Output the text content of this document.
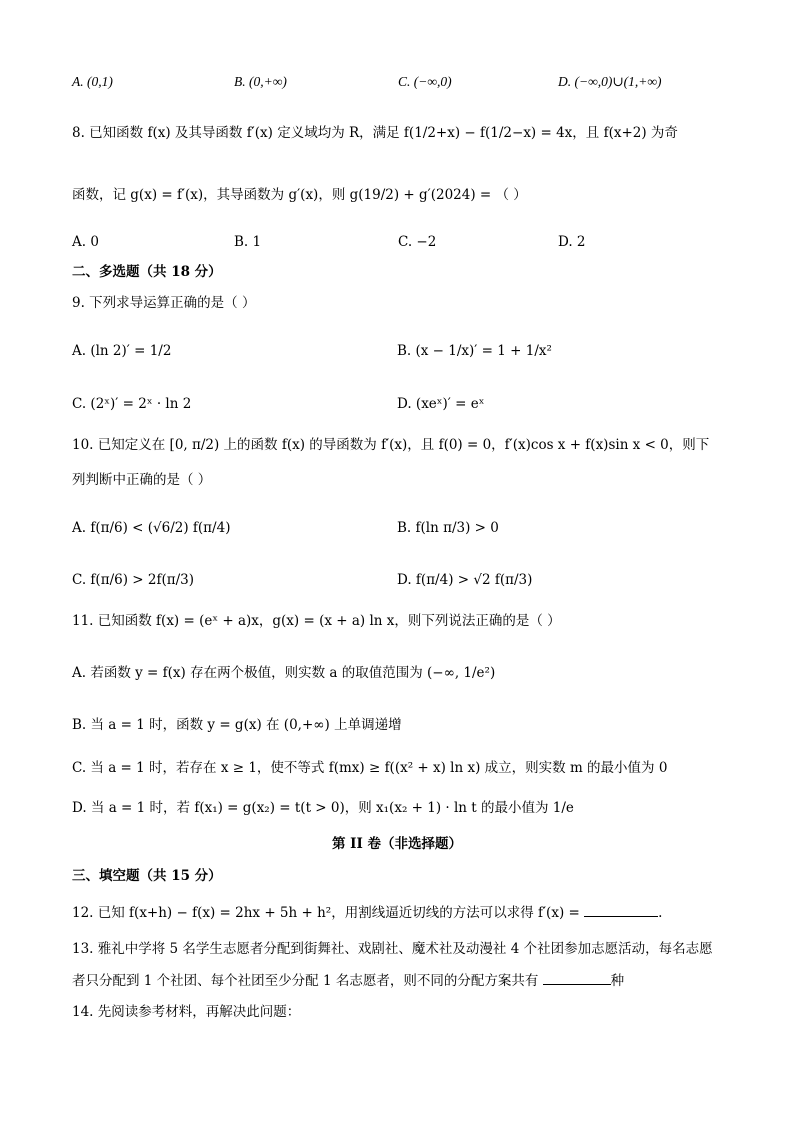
A. (0,1)	B. (0,+∞)	C. (−∞,0)	D. (−∞,0)∪(1,+∞)
8. 已知函数 f(x) 及其导函数 f′(x) 定义域均为 R，满足 f(1/2+x) − f(1/2−x) = 4x，且 f(x+2) 为奇
函数，记 g(x) = f′(x)，其导函数为 g′(x)，则 g(19/2) + g′(2024) = （ ）
A. 0	B. 1	C. −2	D. 2
二、多选题（共 18 分）
9. 下列求导运算正确的是（ ）
A. (ln 2)′ = 1/2	B. (x − 1/x)′ = 1 + 1/x²
C. (2ˣ)′ = 2ˣ · ln 2	D. (xeˣ)′ = eˣ
10. 已知定义在 [0, π/2) 上的函数 f(x) 的导函数为 f′(x)，且 f(0) = 0，f′(x)cos x + f(x)sin x < 0，则下
列判断中正确的是（ ）
A. f(π/6) < (√6/2) f(π/4)	B. f(ln π/3) > 0
C. f(π/6) > 2f(π/3)	D. f(π/4) > √2 f(π/3)
11. 已知函数 f(x) = (eˣ + a)x，g(x) = (x + a) ln x，则下列说法正确的是（ ）
A. 若函数 y = f(x) 存在两个极值，则实数 a 的取值范围为 (−∞, 1/e²)
B. 当 a = 1 时，函数 y = g(x) 在 (0,+∞) 上单调递增
C. 当 a = 1 时，若存在 x ≥ 1，使不等式 f(mx) ≥ f((x² + x) ln x) 成立，则实数 m 的最小值为 0
D. 当 a = 1 时，若 f(x₁) = g(x₂) = t(t > 0)，则 x₁(x₂ + 1) · ln t 的最小值为 1/e
第 II 卷（非选择题）
三、填空题（共 15 分）
12. 已知 f(x+h) − f(x) = 2hx + 5h + h²，用割线逼近切线的方法可以求得 f′(x) =	.
13. 雅礼中学将 5 名学生志愿者分配到街舞社、戏剧社、魔术社及动漫社 4 个社团参加志愿活动，每名志愿
者只分配到 1 个社团、每个社团至少分配 1 名志愿者，则不同的分配方案共有	种
14. 先阅读参考材料，再解决此问题：
